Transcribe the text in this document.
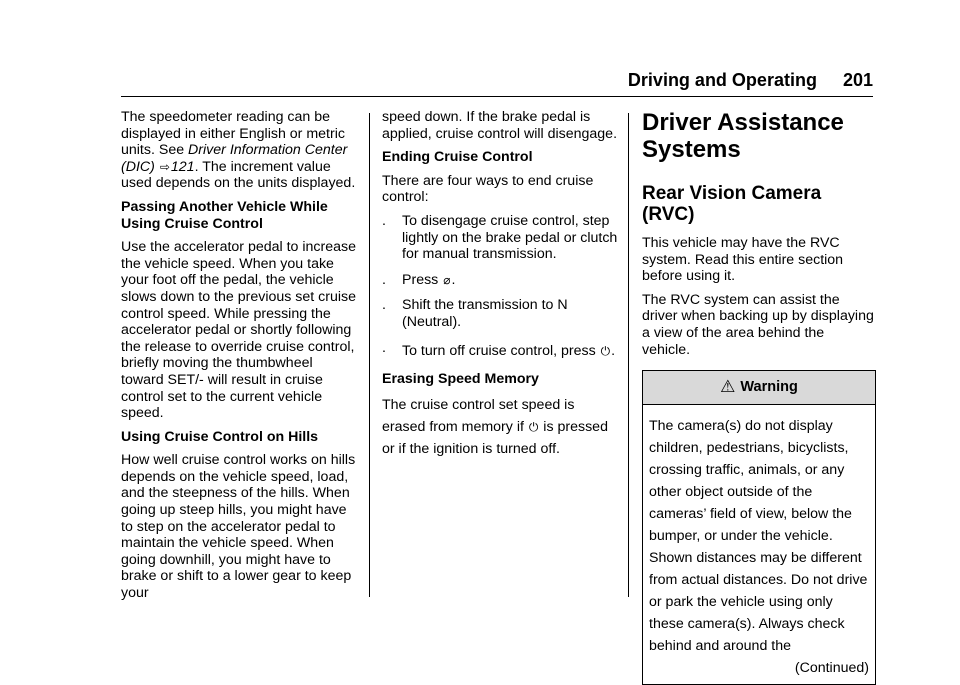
Driving and Operating 201

The speedometer reading can be displayed in either English or metric units. See Driver Information Center (DIC) ⇨121. The increment value used depends on the units displayed.

Passing Another Vehicle While Using Cruise Control

Use the accelerator pedal to increase the vehicle speed. When you take your foot off the pedal, the vehicle slows down to the previous set cruise control speed. While pressing the accelerator pedal or shortly following the release to override cruise control, briefly moving the thumbwheel toward SET/- will result in cruise control set to the current vehicle speed.

Using Cruise Control on Hills

How well cruise control works on hills depends on the vehicle speed, load, and the steepness of the hills. When going up steep hills, you might have to step on the accelerator pedal to maintain the vehicle speed. When going downhill, you might have to brake or shift to a lower gear to keep your

speed down. If the brake pedal is applied, cruise control will disengage.

Ending Cruise Control

There are four ways to end cruise control:

.	To disengage cruise control, step lightly on the brake pedal or clutch for manual transmission.
.	Press ⌀.
.	Shift the transmission to N (Neutral).
.	To turn off cruise control, press ⏻.

Erasing Speed Memory

The cruise control set speed is erased from memory if ⏻ is pressed or if the ignition is turned off.

Driver Assistance Systems
Rear Vision Camera (RVC)

This vehicle may have the RVC system. Read this entire section before using it.

The RVC system can assist the driver when backing up by displaying a view of the area behind the vehicle.

⚠ Warning
The camera(s) do not display children, pedestrians, bicyclists, crossing traffic, animals, or any other object outside of the cameras’ field of view, below the bumper, or under the vehicle. Shown distances may be different from actual distances. Do not drive or park the vehicle using only these camera(s). Always check behind and around the
(Continued)
